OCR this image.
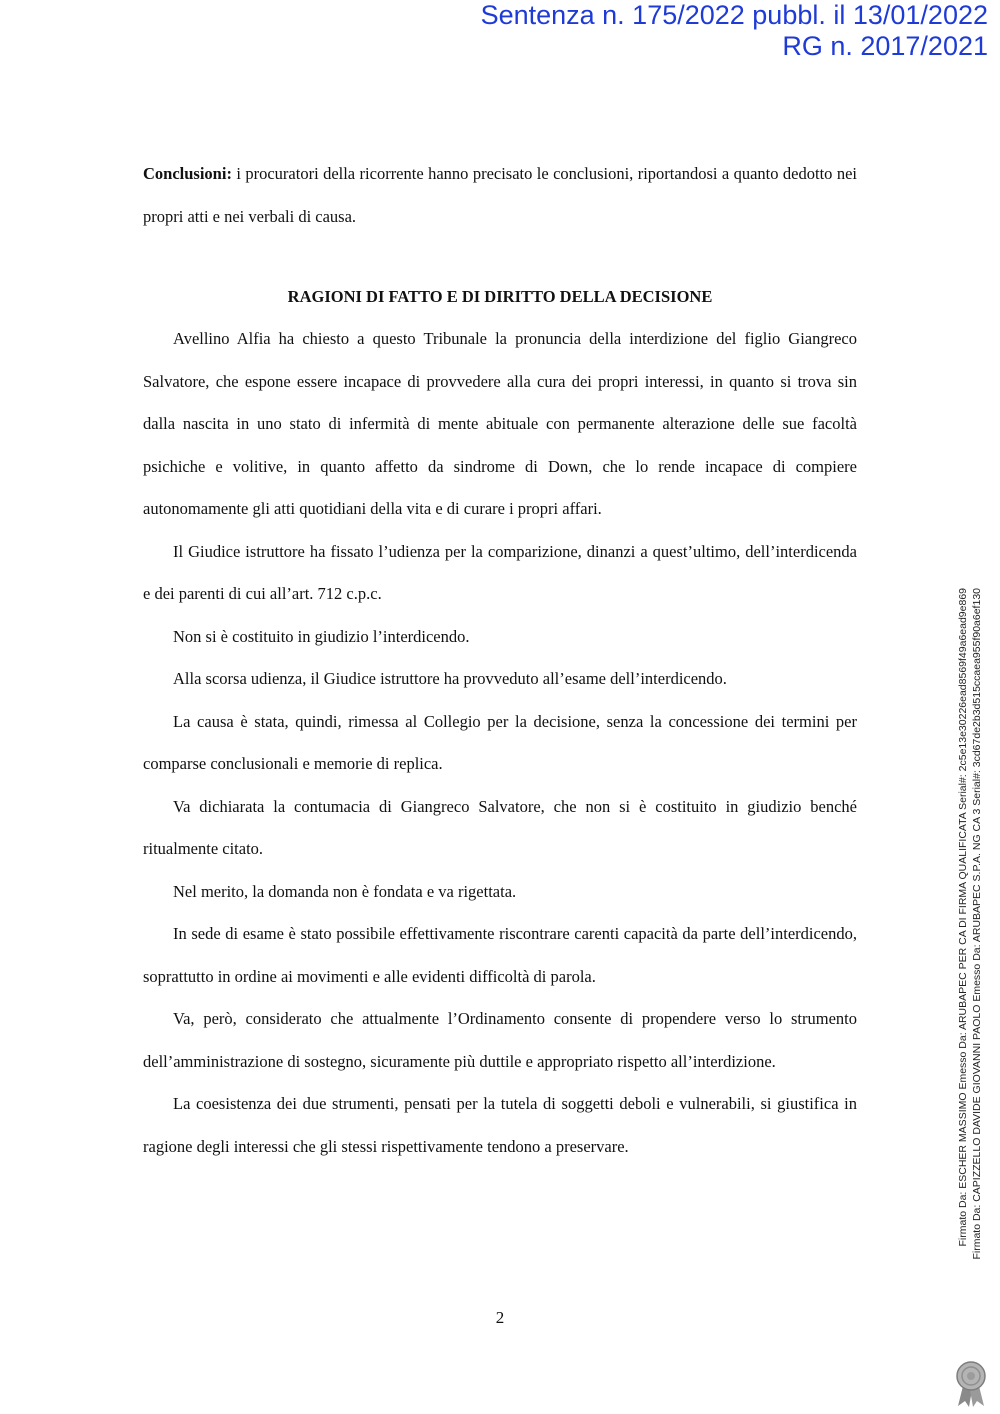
Sentenza n. 175/2022 pubbl. il 13/01/2022
RG n. 2017/2021

Conclusioni: i procuratori della ricorrente hanno precisato le conclusioni, riportandosi a quanto dedotto nei propri atti e nei verbali di causa.

RAGIONI DI FATTO E DI DIRITTO DELLA DECISIONE

Avellino Alfia ha chiesto a questo Tribunale la pronuncia della interdizione del figlio Giangreco Salvatore, che espone essere incapace di provvedere alla cura dei propri interessi, in quanto si trova sin dalla nascita in uno stato di infermità di mente abituale con permanente alterazione delle sue facoltà psichiche e volitive, in quanto affetto da sindrome di Down, che lo rende incapace di compiere autonomamente gli atti quotidiani della vita e di curare i propri affari.

Il Giudice istruttore ha fissato l’udienza per la comparizione, dinanzi a quest’ultimo, dell’interdicenda e dei parenti di cui all’art. 712 c.p.c.

Non si è costituito in giudizio l’interdicendo.

Alla scorsa udienza, il Giudice istruttore ha provveduto all’esame dell’interdicendo.

La causa è stata, quindi, rimessa al Collegio per la decisione, senza la concessione dei termini per comparse conclusionali e memorie di replica.

Va dichiarata la contumacia di Giangreco Salvatore, che non si è costituito in giudizio benché ritualmente citato.

Nel merito, la domanda non è fondata e va rigettata.

In sede di esame è stato possibile effettivamente riscontrare carenti capacità da parte dell’interdicendo, soprattutto in ordine ai movimenti e alle evidenti difficoltà di parola.

Va, però, considerato che attualmente l’Ordinamento consente di propendere verso lo strumento dell’amministrazione di sostegno, sicuramente più duttile e appropriato rispetto all’interdizione.

La coesistenza dei due strumenti, pensati per la tutela di soggetti deboli e vulnerabili, si giustifica in ragione degli interessi che gli stessi rispettivamente tendono a preservare.

2
Firmato Da: ESCHER MASSIMO Emesso Da: ARUBAPEC PER CA DI FIRMA QUALIFICATA Serial#: 2c5e13e30226ead8569f49a6ead9e869 Firmato Da: CAPIZZELLO DAVIDE GIOVANNI PAOLO Emesso Da: ARUBAPEC S.P.A. NG CA 3 Serial#: 3cd67de2b3d515ccaea955f90a6ef130
